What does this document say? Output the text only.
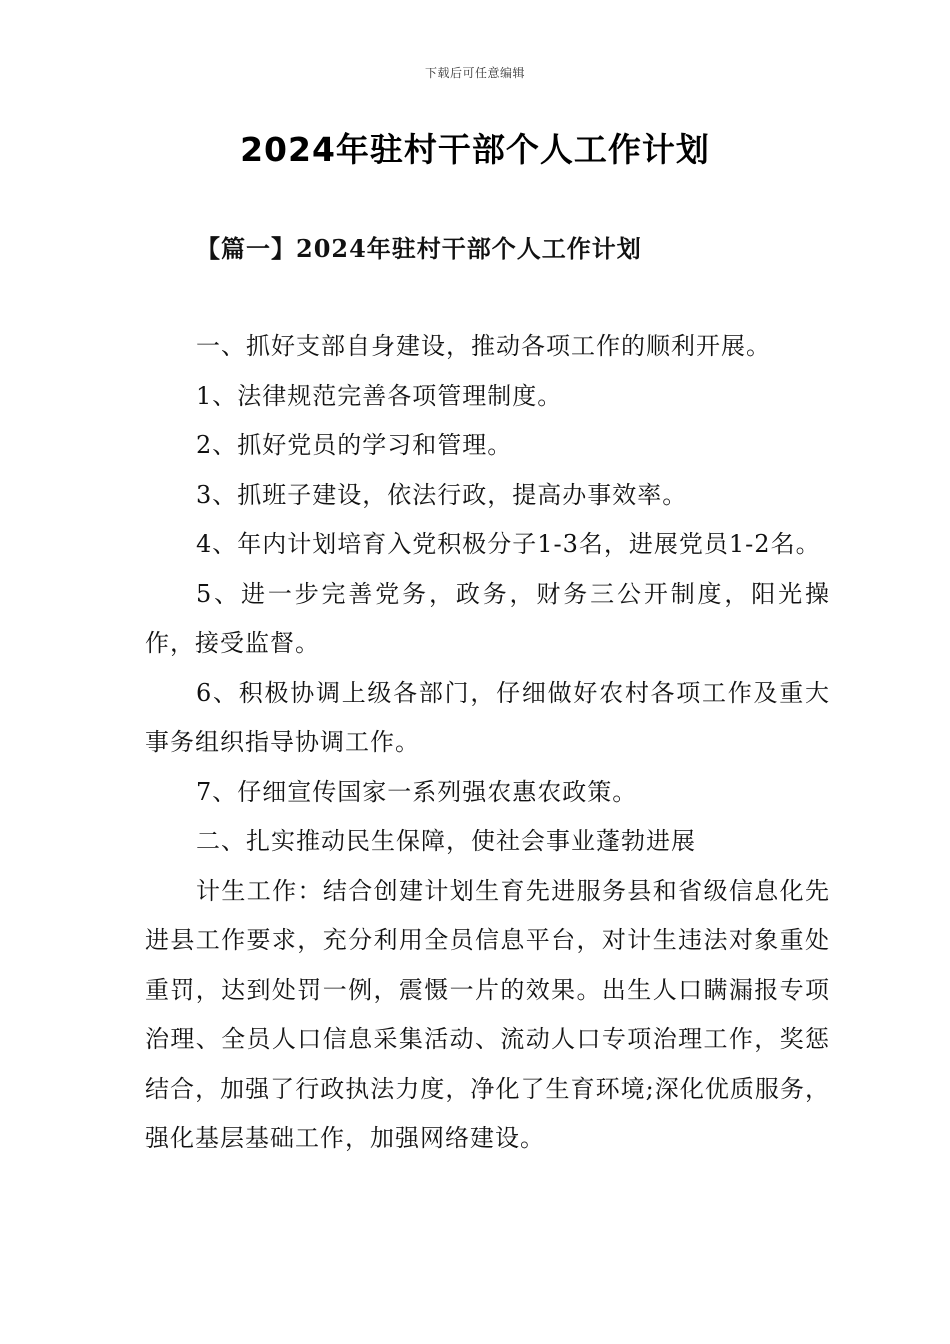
下载后可任意编辑
2024年驻村干部个人工作计划
【篇一】2024年驻村干部个人工作计划

一、抓好支部自身建设，推动各项工作的顺利开展。

1、法律规范完善各项管理制度。

2、抓好党员的学习和管理。

3、抓班子建设，依法行政，提高办事效率。

4、年内计划培育入党积极分子1-3名，进展党员1-2名。

5、进一步完善党务，政务，财务三公开制度，阳光操作，接受监督。

6、积极协调上级各部门，仔细做好农村各项工作及重大事务组织指导协调工作。

7、仔细宣传国家一系列强农惠农政策。

二、扎实推动民生保障，使社会事业蓬勃进展

计生工作：结合创建计划生育先进服务县和省级信息化先进县工作要求，充分利用全员信息平台，对计生违法对象重处重罚，达到处罚一例，震慑一片的效果。出生人口瞒漏报专项治理、全员人口信息采集活动、流动人口专项治理工作，奖惩结合，加强了行政执法力度，净化了生育环境;深化优质服务，强化基层基础工作，加强网络建设。
